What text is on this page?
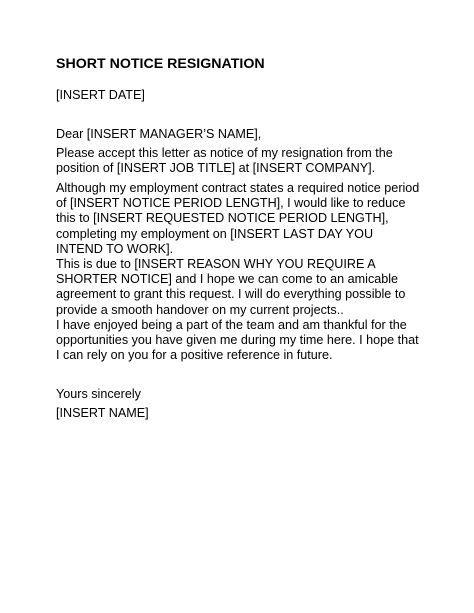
SHORT NOTICE RESIGNATION
[INSERT DATE]
Dear [INSERT MANAGER’S NAME],
Please accept this letter as notice of my resignation from the
position of [INSERT JOB TITLE] at [INSERT COMPANY].
Although my employment contract states a required notice period
of [INSERT NOTICE PERIOD LENGTH], I would like to reduce
this to [INSERT REQUESTED NOTICE PERIOD LENGTH],
completing my employment on [INSERT LAST DAY YOU
INTEND TO WORK].
This is due to [INSERT REASON WHY YOU REQUIRE A
SHORTER NOTICE] and I hope we can come to an amicable
agreement to grant this request. I will do everything possible to
provide a smooth handover on my current projects..
I have enjoyed being a part of the team and am thankful for the
opportunities you have given me during my time here. I hope that
I can rely on you for a positive reference in future.
Yours sincerely
[INSERT NAME]
